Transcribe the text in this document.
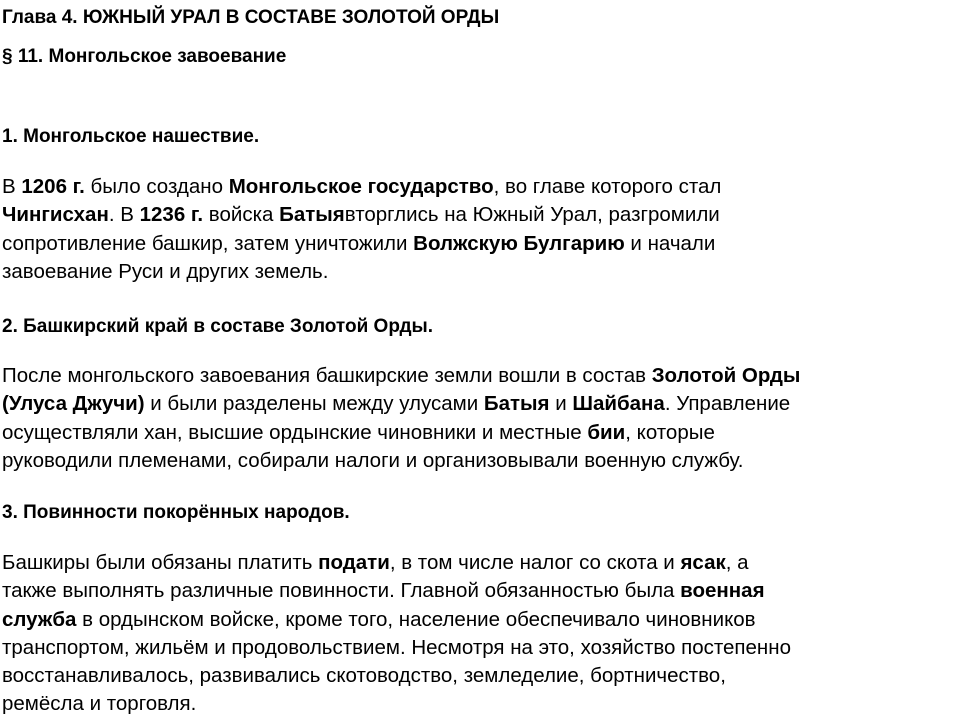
Глава 4. ЮЖНЫЙ УРАЛ В СОСТАВЕ ЗОЛОТОЙ ОРДЫ
§ 11. Монгольское завоевание
1. Монгольское нашествие.

В 1206 г. было создано Монгольское государство, во главе которого стал
Чингисхан. В 1236 г. войска Батыявторглись на Южный Урал, разгромили
сопротивление башкир, затем уничтожили Волжскую Булгарию и начали
завоевание Руси и других земель.

2. Башкирский край в составе Золотой Орды.

После монгольского завоевания башкирские земли вошли в состав Золотой Орды
(Улуса Джучи) и были разделены между улусами Батыя и Шайбана. Управление
осуществляли хан, высшие ордынские чиновники и местные бии, которые
руководили племенами, собирали налоги и организовывали военную службу.

3. Повинности покорённых народов.

Башкиры были обязаны платить подати, в том числе налог со скота и ясак, а
также выполнять различные повинности. Главной обязанностью была военная
служба в ордынском войске, кроме того, население обеспечивало чиновников
транспортом, жильём и продовольствием. Несмотря на это, хозяйство постепенно
восстанавливалось, развивались скотоводство, земледелие, бортничество,
ремёсла и торговля.
